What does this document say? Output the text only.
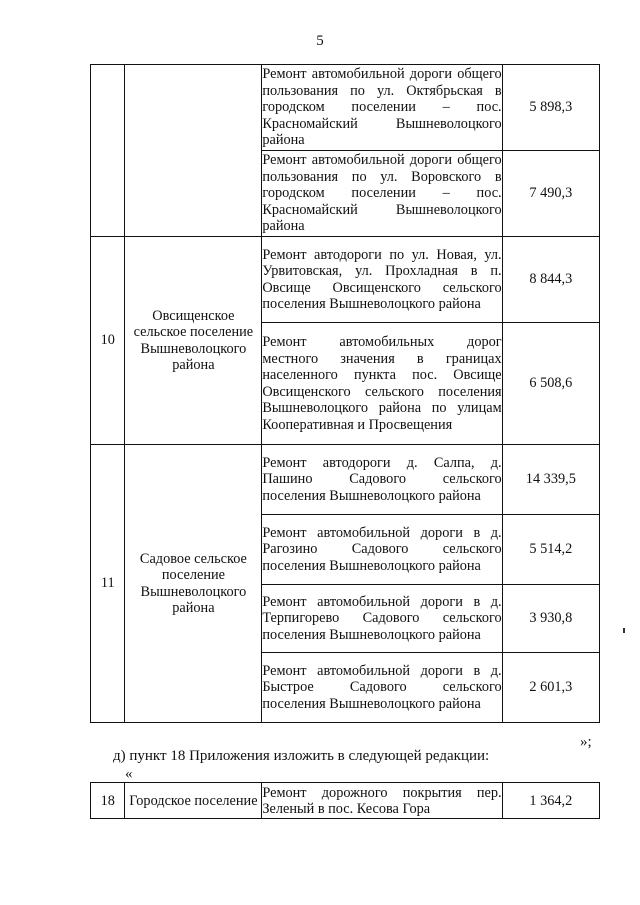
5

		Ремонт автомобильной дороги общего пользования по ул. Октябрьская в городском поселении – пос. Красномайский Вышневолоцкого района	5 898,3

		Ремонт автомобильной дороги общего пользования по ул. Воровского в городском поселении – пос. Красномайский Вышневолоцкого района	7 490,3
10	Овсищенское сельское поселение Вышневолоцкого района	Ремонт автодороги по ул. Новая, ул. Урвитовская, ул. Прохладная в п. Овсище Овсищенского сельского поселения Вышневолоцкого района	8 844,3

		Ремонт автомобильных дорог местного значения в границах населенного пункта пос. Овсище Овсищенского сельского поселения Вышневолоцкого района по улицам Кооперативная и Просвещения	6 508,6
11	Садовое сельское поселение Вышневолоцкого района	Ремонт автодороги д. Салпа, д. Пашино Садового сельского поселения Вышневолоцкого района	14 339,5

		Ремонт автомобильной дороги в д. Рагозино Садового сельского поселения Вышневолоцкого района	5 514,2

		Ремонт автомобильной дороги в д. Терпигорево Садового сельского поселения Вышневолоцкого района	3 930,8

		Ремонт автомобильной дороги в д. Быстрое Садового сельского поселения Вышневолоцкого района	2 601,3
»;
д) пункт 18 Приложения изложить в следующей редакции:
«
18	Городское поселение	Ремонт дорожного покрытия пер. Зеленый в пос. Кесова Гора	1 364,2
